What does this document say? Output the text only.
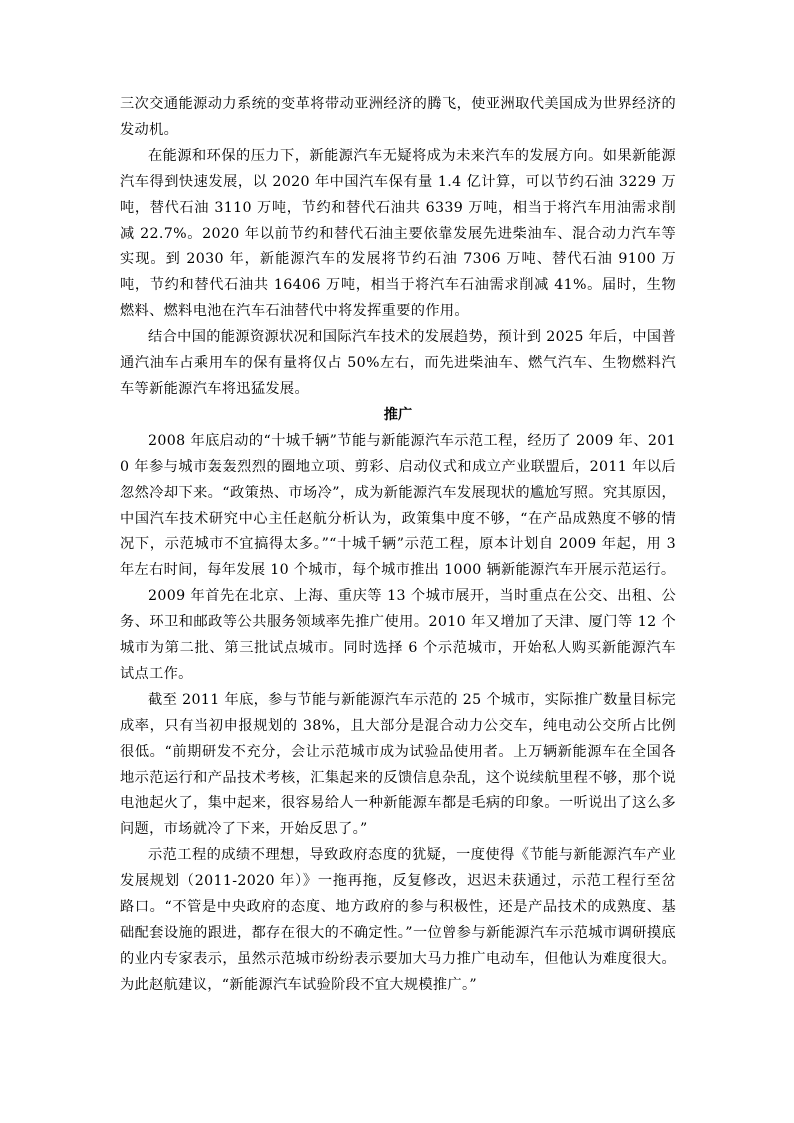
三次交通能源动力系统的变革将带动亚洲经济的腾飞，使亚洲取代美国成为世界经济的发动机。

在能源和环保的压力下，新能源汽车无疑将成为未来汽车的发展方向。如果新能源汽车得到快速发展，以 2020 年中国汽车保有量 1.4 亿计算，可以节约石油 3229 万吨，替代石油 3110 万吨，节约和替代石油共 6339 万吨，相当于将汽车用油需求削减 22.7%。2020 年以前节约和替代石油主要依靠发展先进柴油车、混合动力汽车等实现。到 2030 年，新能源汽车的发展将节约石油 7306 万吨、替代石油 9100 万吨，节约和替代石油共 16406 万吨，相当于将汽车石油需求削减 41%。届时，生物燃料、燃料电池在汽车石油替代中将发挥重要的作用。

结合中国的能源资源状况和国际汽车技术的发展趋势，预计到 2025 年后，中国普通汽油车占乘用车的保有量将仅占 50%左右，而先进柴油车、燃气汽车、生物燃料汽车等新能源汽车将迅猛发展。

推广

2008 年底启动的“十城千辆”节能与新能源汽车示范工程，经历了 2009 年、2010 年参与城市轰轰烈烈的圈地立项、剪彩、启动仪式和成立产业联盟后，2011 年以后忽然冷却下来。“政策热、市场冷”，成为新能源汽车发展现状的尴尬写照。究其原因，中国汽车技术研究中心主任赵航分析认为，政策集中度不够，“在产品成熟度不够的情况下，示范城市不宜搞得太多。”“十城千辆”示范工程，原本计划自 2009 年起，用 3 年左右时间，每年发展 10 个城市，每个城市推出 1000 辆新能源汽车开展示范运行。

2009 年首先在北京、上海、重庆等 13 个城市展开，当时重点在公交、出租、公务、环卫和邮政等公共服务领域率先推广使用。2010 年又增加了天津、厦门等 12 个城市为第二批、第三批试点城市。同时选择 6 个示范城市，开始私人购买新能源汽车试点工作。

截至 2011 年底，参与节能与新能源汽车示范的 25 个城市，实际推广数量目标完成率，只有当初申报规划的 38%，且大部分是混合动力公交车，纯电动公交所占比例很低。“前期研发不充分，会让示范城市成为试验品使用者。上万辆新能源车在全国各地示范运行和产品技术考核，汇集起来的反馈信息杂乱，这个说续航里程不够，那个说电池起火了，集中起来，很容易给人一种新能源车都是毛病的印象。一听说出了这么多问题，市场就冷了下来，开始反思了。”

示范工程的成绩不理想，导致政府态度的犹疑，一度使得《节能与新能源汽车产业发展规划（2011-2020 年）》一拖再拖，反复修改，迟迟未获通过，示范工程行至岔路口。“不管是中央政府的态度、地方政府的参与积极性，还是产品技术的成熟度、基础配套设施的跟进，都存在很大的不确定性。”一位曾参与新能源汽车示范城市调研摸底的业内专家表示，虽然示范城市纷纷表示要加大马力推广电动车，但他认为难度很大。为此赵航建议，“新能源汽车试验阶段不宜大规模推广。”
